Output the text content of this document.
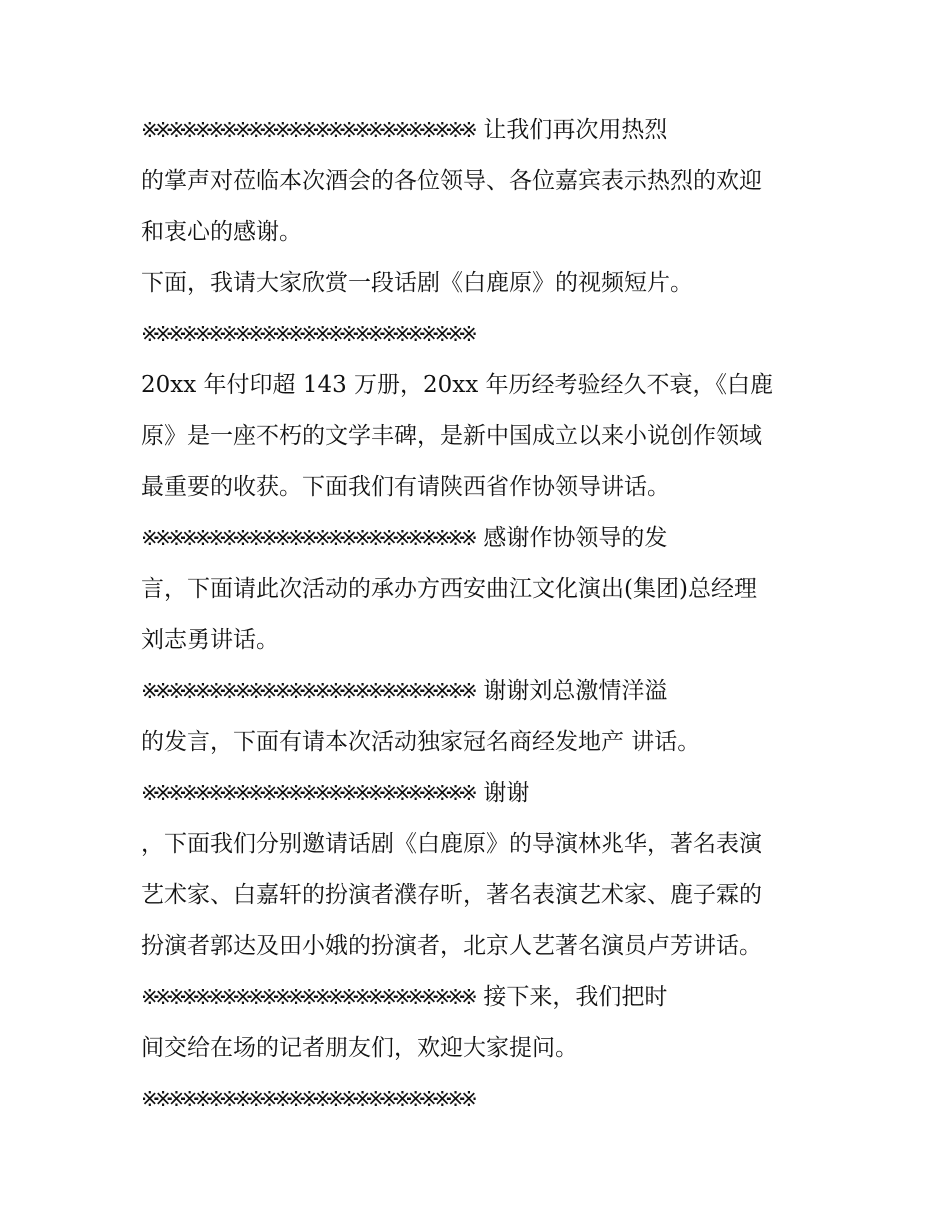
※※※※※※※※※※※※※※※※※※※※※※※※※ 让我们再次用热烈
的掌声对莅临本次酒会的各位领导、各位嘉宾表示热烈的欢迎
和衷心的感谢。
下面，我请大家欣赏一段话剧《白鹿原》的视频短片。
※※※※※※※※※※※※※※※※※※※※※※※※※
20xx 年付印超 143 万册，20xx 年历经考验经久不衰，《白鹿
原》是一座不朽的文学丰碑，是新中国成立以来小说创作领域
最重要的收获。下面我们有请陕西省作协领导讲话。
※※※※※※※※※※※※※※※※※※※※※※※※※ 感谢作协领导的发
言，下面请此次活动的承办方西安曲江文化演出(集团)总经理
刘志勇讲话。
※※※※※※※※※※※※※※※※※※※※※※※※※ 谢谢刘总激情洋溢
的发言，下面有请本次活动独家冠名商经发地产 讲话。
※※※※※※※※※※※※※※※※※※※※※※※※※ 谢谢
，下面我们分别邀请话剧《白鹿原》的导演林兆华，著名表演
艺术家、白嘉轩的扮演者濮存昕，著名表演艺术家、鹿子霖的
扮演者郭达及田小娥的扮演者，北京人艺著名演员卢芳讲话。
※※※※※※※※※※※※※※※※※※※※※※※※※ 接下来，我们把时
间交给在场的记者朋友们，欢迎大家提问。
※※※※※※※※※※※※※※※※※※※※※※※※※
